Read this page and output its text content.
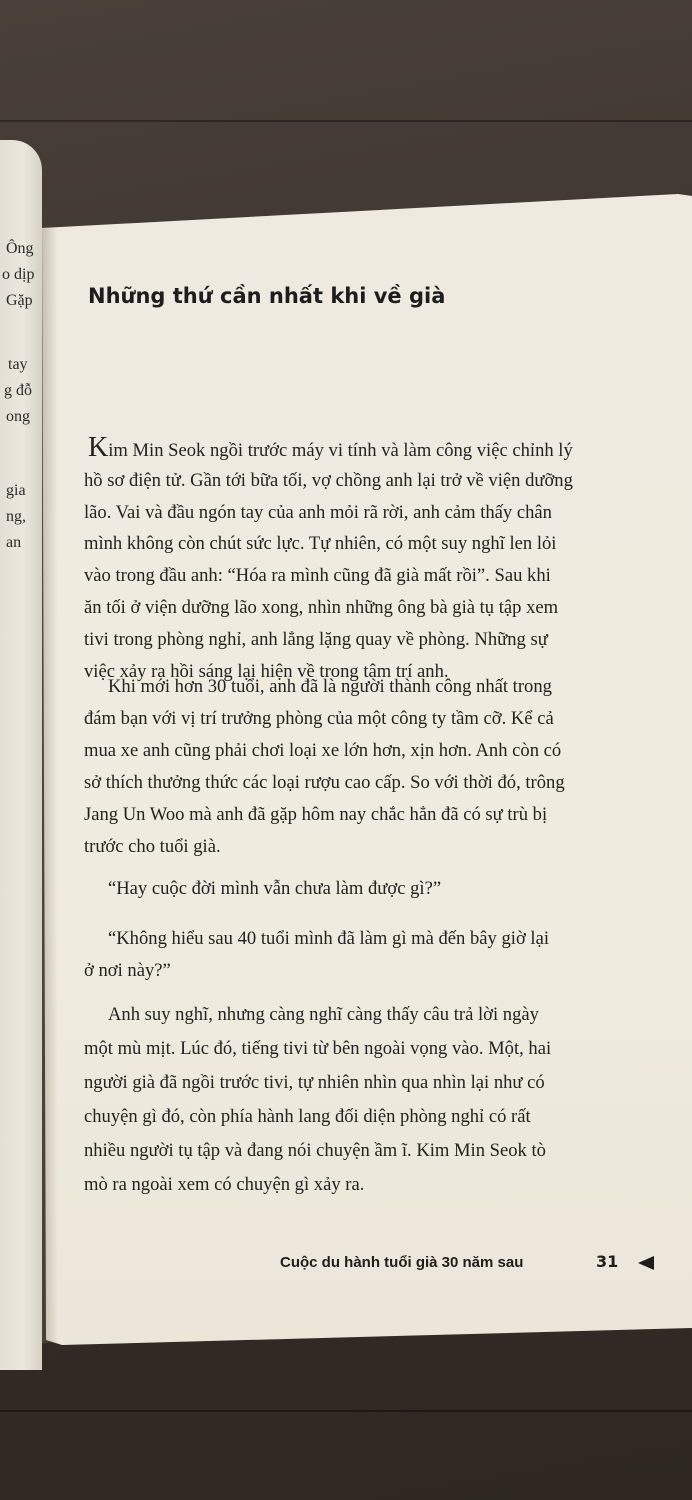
Ông
o dịp
Gặp
tay
g đỗ
ong
gia
ng,
an
Những thứ cần nhất khi về già
Kim Min Seok ngồi trước máy vi tính và làm công việc chỉnh lý
hồ sơ điện tử. Gần tới bữa tối, vợ chồng anh lại trở về viện dưỡng
lão. Vai và đầu ngón tay của anh mỏi rã rời, anh cảm thấy chân
mình không còn chút sức lực. Tự nhiên, có một suy nghĩ len lỏi
vào trong đầu anh: “Hóa ra mình cũng đã già mất rồi”. Sau khi
ăn tối ở viện dưỡng lão xong, nhìn những ông bà già tụ tập xem
tivi trong phòng nghỉ, anh lẳng lặng quay về phòng. Những sự
việc xảy ra hồi sáng lại hiện về trong tâm trí anh.
Khi mới hơn 30 tuổi, anh đã là người thành công nhất trong
đám bạn với vị trí trưởng phòng của một công ty tầm cỡ. Kể cả
mua xe anh cũng phải chơi loại xe lớn hơn, xịn hơn. Anh còn có
sở thích thưởng thức các loại rượu cao cấp. So với thời đó, trông
Jang Un Woo mà anh đã gặp hôm nay chắc hẳn đã có sự trù bị
trước cho tuổi già.
“Hay cuộc đời mình vẫn chưa làm được gì?”
“Không hiểu sau 40 tuổi mình đã làm gì mà đến bây giờ lại
ở nơi này?”
Anh suy nghĩ, nhưng càng nghĩ càng thấy câu trả lời ngày
một mù mịt. Lúc đó, tiếng tivi từ bên ngoài vọng vào. Một, hai
người già đã ngồi trước tivi, tự nhiên nhìn qua nhìn lại như có
chuyện gì đó, còn phía hành lang đối diện phòng nghỉ có rất
nhiều người tụ tập và đang nói chuyện ầm ĩ. Kim Min Seok tò
mò ra ngoài xem có chuyện gì xảy ra.
Cuộc du hành tuổi già 30 năm sau	31
